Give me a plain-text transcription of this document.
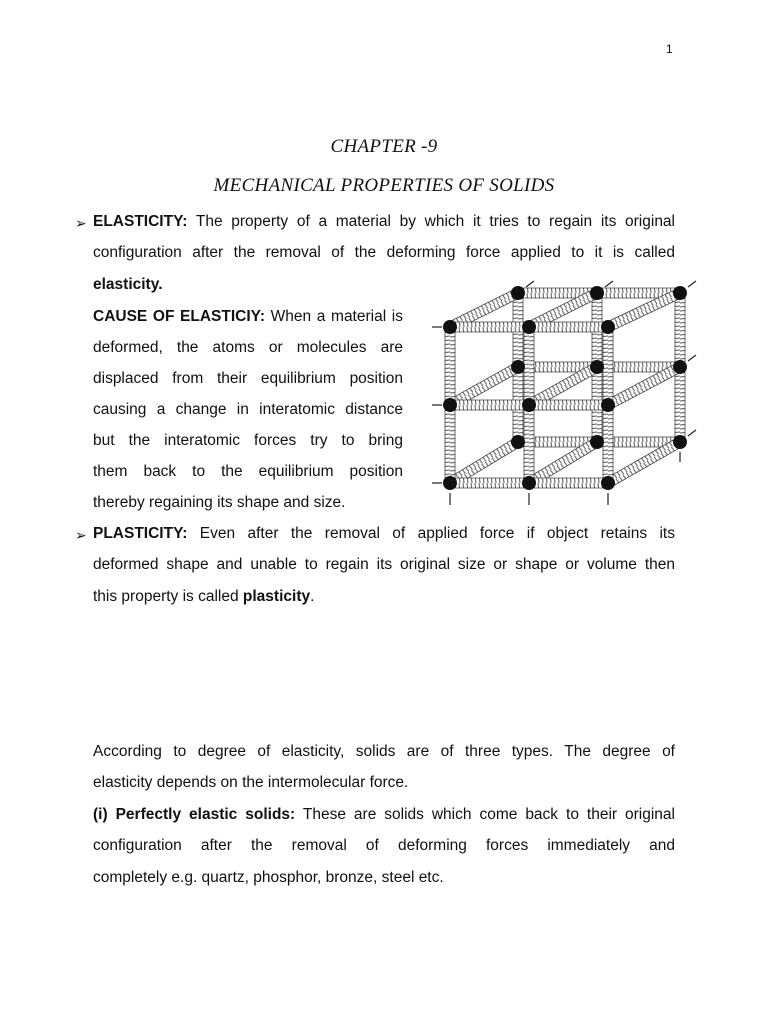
1
CHAPTER -9
MECHANICAL PROPERTIES OF SOLIDS
➢ ELASTICITY: The property of a material by which it tries to regain its original
configuration after the removal of the deforming force applied to it is called
elasticity.
CAUSE OF ELASTICIY: When a material is
deformed, the atoms or molecules are
displaced from their equilibrium position
causing a change in interatomic distance
but the interatomic forces try to bring
them back to the equilibrium position
thereby regaining its shape and size.
➢ PLASTICITY: Even after the removal of applied force if object retains its
deformed shape and unable to regain its original size or shape or volume then
this property is called plasticity.
According to degree of elasticity, solids are of three types. The degree of
elasticity depends on the intermolecular force.
(i) Perfectly elastic solids: These are solids which come back to their original
configuration after the removal of deforming forces immediately and
completely e.g. quartz, phosphor, bronze, steel etc.
